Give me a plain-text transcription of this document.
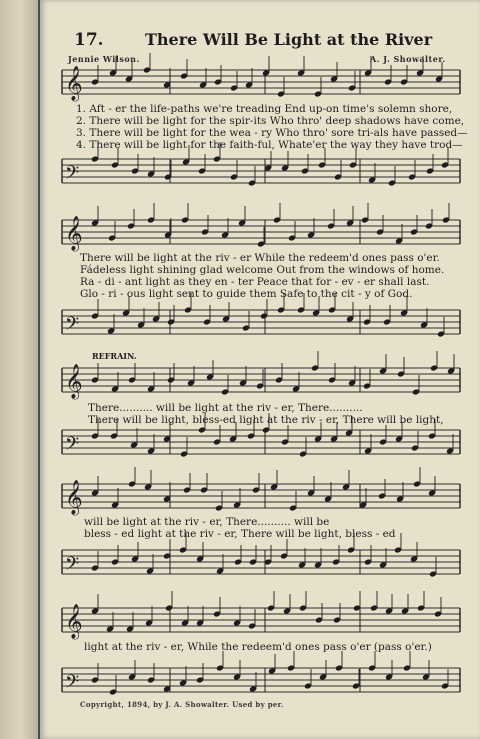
17.	There Will Be Light at the River
Jennie Wilson.	A. J. Showalter.
𝄞
1. Aft - er the life-paths we're treading End up-on time's solemn shore,
2. There will be light for the spir-its Who thro' deep shadows have come,
3. There will be light for the wea - ry Who thro' sore tri-als have passed—
4. There will be light for the faith-ful, Whate'er the way they have trod—
𝄢
𝄞
There will be light at the riv - er While the redeem'd ones pass o'er.
Fádeless light shining glad welcome Out from the windows of home.
Ra - di - ant light as they en - ter Peace that for - ev - er shall last.
Glo - ri - ous light sent to guide them Safe to the cit - y of God.
𝄢
REFRAIN.
𝄞
There.......... will be light at the riv - er, There..........
There will be light, bless-ed light at the riv - er, There will be light,
𝄢
𝄞
will be light at the riv - er, There.......... will be
bless - ed light at the riv - er, There will be light, bless - ed
𝄢
𝄞
light at the riv - er, While the redeem'd ones pass o'er (pass o'er.)
𝄢
Copyright, 1894, by J. A. Showalter. Used by per.
